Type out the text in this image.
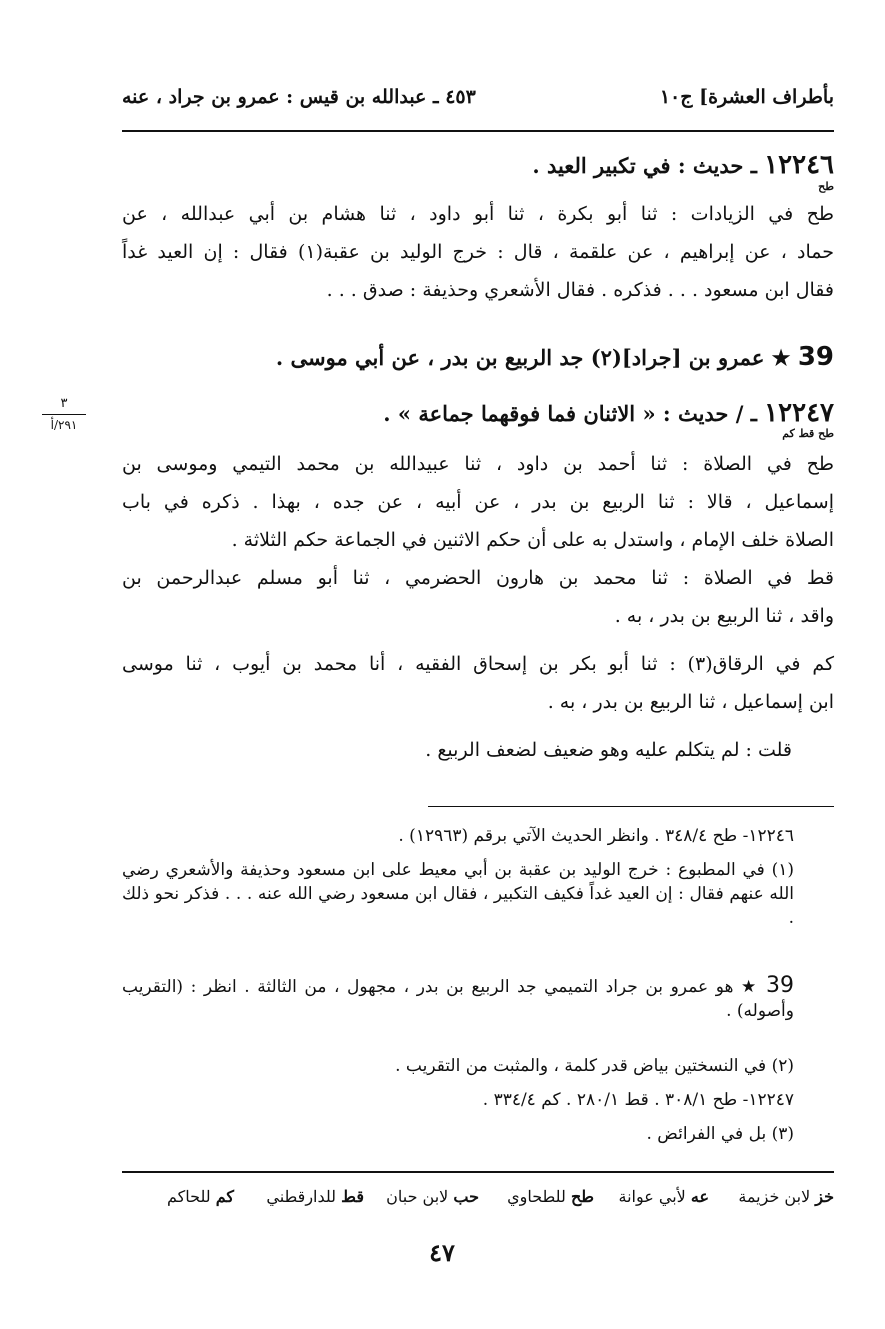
بأطراف العشرة] ج١٠
٤٥٣ ـ عبدالله بن قيس : عمرو بن جراد ، عنه
١٢٢٤٦ ـ حديث : في تكبير العيد .
طح
طح في الزيادات : ثنا أبو بكرة ، ثنا أبو داود ، ثنا هشام بن أبي عبدالله ، عن
حماد ، عن إبراهيم ، عن علقمة ، قال : خرج الوليد بن عقبة(١) فقال : إن العيد غداً
فقال ابن مسعود . . . فذكره . فقال الأشعري وحذيفة : صدق . . .
39 ★ عمرو بن [جراد](٢) جد الربيع بن بدر ، عن أبي موسى .
٣
٢٩١/أ	١٢٢٤٧ ـ / حديث : « الاثنان فما فوقهما جماعة » .
طح قط كم
طح في الصلاة : ثنا أحمد بن داود ، ثنا عبيدالله بن محمد التيمي وموسى بن
إسماعيل ، قالا : ثنا الربيع بن بدر ، عن أبيه ، عن جده ، بهذا . ذكره في باب
الصلاة خلف الإمام ، واستدل به على أن حكم الاثنين في الجماعة حكم الثلاثة .
قط في الصلاة : ثنا محمد بن هارون الحضرمي ، ثنا أبو مسلم عبدالرحمن بن
واقد ، ثنا الربيع بن بدر ، به .
كم في الرقاق(٣) : ثنا أبو بكر بن إسحاق الفقيه ، أنا محمد بن أيوب ، ثنا موسى
ابن إسماعيل ، ثنا الربيع بن بدر ، به .
قلت : لم يتكلم عليه وهو ضعيف لضعف الربيع .
١٢٢٤٦- طح ٣٤٨/٤ . وانظر الحديث الآتي برقم (١٢٩٦٣) .
(١) في المطبوع : خرج الوليد بن عقبة بن أبي معيط على ابن مسعود وحذيفة والأشعري رضي الله عنهم فقال : إن العيد غداً فكيف التكبير ، فقال ابن مسعود رضي الله عنه . . . فذكر نحو ذلك .
39 ★ هو عمرو بن جراد التميمي جد الربيع بن بدر ، مجهول ، من الثالثة . انظر : (التقريب وأصوله) .
(٢) في النسختين بياض قدر كلمة ، والمثبت من التقريب .
١٢٢٤٧- طح ٣٠٨/١ . قط ٢٨٠/١ . كم ٣٣٤/٤ .
(٣) بل في الفرائض .
خز لابن خزيمة
عه لأبي عوانة
طح للطحاوي
حب لابن حبان
قط للدارقطني
كم للحاكم
٤٧
